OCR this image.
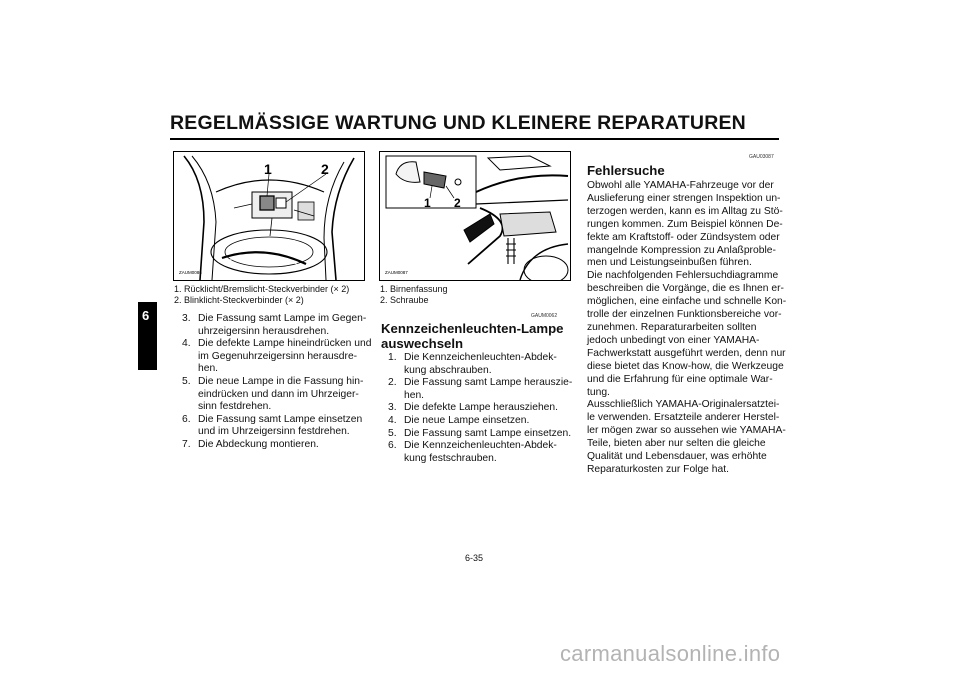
REGELMÄSSIGE WARTUNG UND KLEINERE REPARATUREN
6
1	2
ZAUM0086
1. Rücklicht/Bremslicht-Steckverbinder (× 2)
2. Blinklicht-Steckverbinder (× 2)
3. Die Fassung samt Lampe im Gegen-
uhrzeigersinn herausdrehen.
4. Die defekte Lampe hineindrücken und
im Gegenuhrzeigersinn herausdre-
hen.
5. Die neue Lampe in die Fassung hin-
eindrücken und dann im Uhrzeiger-
sinn festdrehen.
6. Die Fassung samt Lampe einsetzen
und im Uhrzeigersinn festdrehen.
7. Die Abdeckung montieren.
1 2
ZAUM0087
1. Birnenfassung
2. Schraube
GAUM0062
Kennzeichenleuchten-Lampe
auswechseln
1. Die Kennzeichenleuchten-Abdek-
kung abschrauben.
2. Die Fassung samt Lampe herauszie-
hen.
3. Die defekte Lampe herausziehen.
4. Die neue Lampe einsetzen.
5. Die Fassung samt Lampe einsetzen.
6. Die Kennzeichenleuchten-Abdek-
kung festschrauben.
GAU03087
Fehlersuche
Obwohl alle YAMAHA-Fahrzeuge vor der
Auslieferung einer strengen Inspektion un-
terzogen werden, kann es im Alltag zu Stö-
rungen kommen. Zum Beispiel können De-
fekte am Kraftstoff- oder Zündsystem oder
mangelnde Kompression zu Anlaßproble-
men und Leistungseinbußen führen.
Die nachfolgenden Fehlersuchdiagramme
beschreiben die Vorgänge, die es Ihnen er-
möglichen, eine einfache und schnelle Kon-
trolle der einzelnen Funktionsbereiche vor-
zunehmen. Reparaturarbeiten sollten
jedoch unbedingt von einer YAMAHA-
Fachwerkstatt ausgeführt werden, denn nur
diese bietet das Know-how, die Werkzeuge
und die Erfahrung für eine optimale War-
tung.
Ausschließlich YAMAHA-Originalersatztei-
le verwenden. Ersatzteile anderer Herstel-
ler mögen zwar so aussehen wie YAMAHA-
Teile, bieten aber nur selten die gleiche
Qualität und Lebensdauer, was erhöhte
Reparaturkosten zur Folge hat.
6-35
carmanualsonline.info
